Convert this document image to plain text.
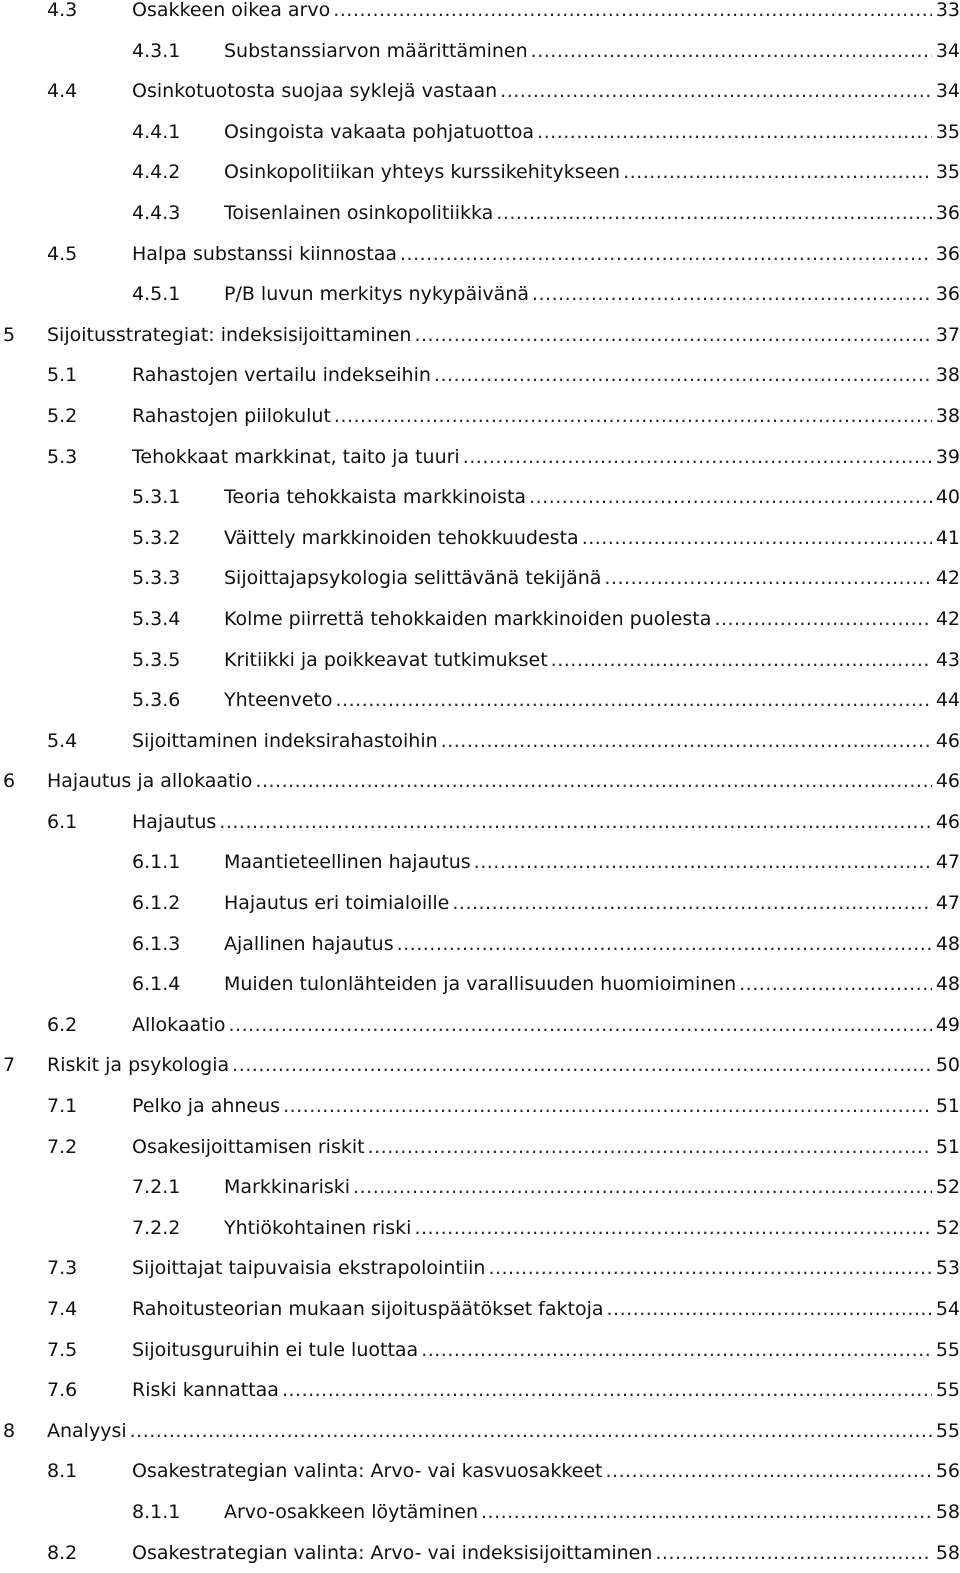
4.3	Osakkeen oikea arvo .....	33
4.3.1 Substanssiarvon määrittäminen .....	34
4.4	Osinkotuotosta suojaa syklejä vastaan .....	34
4.4.1 Osingoista vakaata pohjatuottoa .....	35
4.4.2 Osinkopolitiikan yhteys kurssikehitykseen .....	35
4.4.3 Toisenlainen osinkopolitiikka .....	36
4.5	Halpa substanssi kiinnostaa .....	36
4.5.1 P/B luvun merkitys nykypäivänä .....	36
5 Sijoitusstrategiat: indeksisijoittaminen .....	37
5.1	Rahastojen vertailu indekseihin .....	38
5.2	Rahastojen piilokulut .....	38
5.3	Tehokkaat markkinat, taito ja tuuri .....	39
5.3.1 Teoria tehokkaista markkinoista .....	40
5.3.2 Väittely markkinoiden tehokkuudesta .....	41
5.3.3 Sijoittajapsykologia selittävänä tekijänä .....	42
5.3.4 Kolme piirrettä tehokkaiden markkinoiden puolesta .....	42
5.3.5 Kritiikki ja poikkeavat tutkimukset .....	43
5.3.6 Yhteenveto .....	44
5.4	Sijoittaminen indeksirahastoihin .....	46
6 Hajautus ja allokaatio .....	46
6.1	Hajautus .....	46
6.1.1 Maantieteellinen hajautus .....	47
6.1.2 Hajautus eri toimialoille .....	47
6.1.3 Ajallinen hajautus .....	48
6.1.4 Muiden tulonlähteiden ja varallisuuden huomioiminen .....	48
6.2	Allokaatio .....	49
7 Riskit ja psykologia .....	50
7.1	Pelko ja ahneus .....	51
7.2	Osakesijoittamisen riskit .....	51
7.2.1 Markkinariski .....	52
7.2.2 Yhtiökohtainen riski .....	52
7.3	Sijoittajat taipuvaisia ekstrapolointiin .....	53
7.4	Rahoitusteorian mukaan sijoituspäätökset faktoja .....	54
7.5	Sijoitusguruihin ei tule luottaa .....	55
7.6	Riski kannattaa .....	55
8 Analyysi .....	55
8.1	Osakestrategian valinta: Arvo- vai kasvuosakkeet .....	56
8.1.1 Arvo-osakkeen löytäminen .....	58
8.2	Osakestrategian valinta: Arvo- vai indeksisijoittaminen .....	58
